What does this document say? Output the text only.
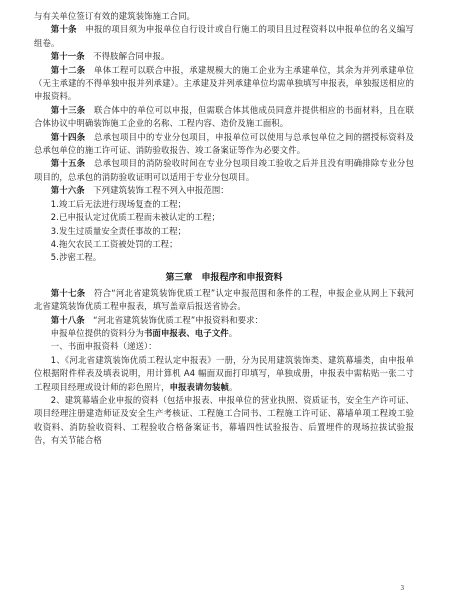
与有关单位签订有效的建筑装饰施工合同。

第十条　申报的项目须为申报单位自行设计或自行施工的项目且过程资料以申报单位的名义编写组卷。

第十一条　不得肢解合同申报。

第十二条　单体工程可以联合申报，承建规模大的施工企业为主承建单位，其余为并列承建单位（无主承建的不得单独申报并列承建）。主承建及并列承建单位均需单独填写申报表，单独报送相应的申报资料。

第十三条　联合体中的单位可以申报，但需联合体其他成员同意并提供相应的书面材料，且在联合体协议中明确装饰施工企业的名称、工程内容、造价及施工面积。

第十四条　总承包项目中的专业分包项目，申报单位可以使用与总承包单位之间的摺授标资料及总承包单位的施工许可证、消防验收报告、竣工备案证等作为必要文件。

第十五条　总承包项目的消防验收时间在专业分包项目竣工验收之后并且没有明确排除专业分包项目的，总承包的消防验收证明可以适用于专业分包项目。

第十六条　下列建筑装饰工程不列入申报范围：

1.竣工后无法进行现场复查的工程；

2.已申报认定过优质工程而未被认定的工程；

3.发生过质量安全责任事故的工程；

4.拖欠农民工工资被处罚的工程；

5.涉密工程。

第三章　申报程序和申报资料

第十七条　符合“河北省建筑装饰优质工程”认定申报范围和条件的工程，申报企业从网上下载河北省建筑装饰优质工程申报表，填写盖章后报送省协会。

第十八条　“河北省建筑装饰优质工程”申报资料和要求：

申报单位提供的资料分为书面申报表、电子文件。

一、书面申报资料（递送）：

1、《河北省建筑装饰优质工程认定申报表》一册，分为民用建筑装饰类、建筑幕墙类，由申报单位根据附件样表及填表说明，用计算机 A4 幅面双面打印填写，单独成册，申报表中需粘贴一张二寸工程项目经理或设计师的彩色照片，申报表请勿装帧。

2、建筑幕墙企业申报的资料（包括申报表、申报单位的营业执照、资质证书，安全生产许可证、项目经理注册建造师证及安全生产考核证、工程施工合同书、工程施工许可证、幕墙单项工程竣工验收资料、消防验收资料、工程验收合格备案证书，幕墙四性试验报告、后置埋件的现场拉拔试验报告，有关节能合格

3
